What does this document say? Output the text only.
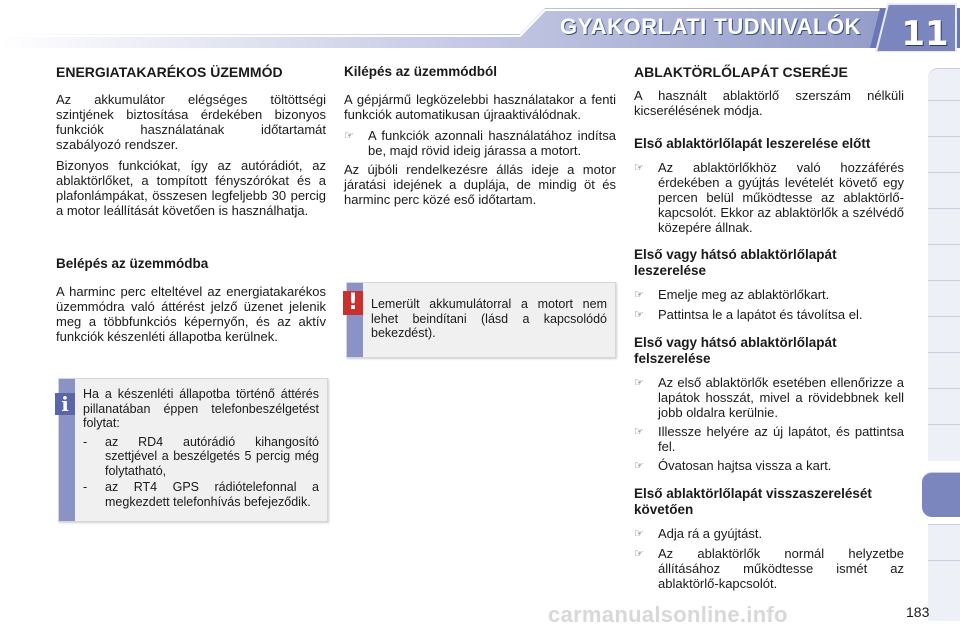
GYAKORLATI TUDNIVALÓK 11
ENERGIATAKARÉKOS ÜZEMMÓD

Az akkumulátor elégséges töltöttségi szintjének biztosítása érdekében bizonyos funkciók használatának időtartamát szabályozó rendszer.

Bizonyos funkciókat, így az autórádiót, az ablaktörlőket, a tompított fényszórókat és a plafonlámpákat, összesen legfeljebb 30 percig a motor leállítását követően is használhatja.

Belépés az üzemmódba

A harminc perc elteltével az energiatakarékos üzemmódra való áttérést jelző üzenet jelenik meg a többfunkciós képernyőn, és az aktív funkciók készenléti állapotba kerülnek.

i	Ha a készenléti állapotba történő áttérés pillanatában éppen telefonbeszélgetést folytat:

-	az RD4 autórádió kihangosító szettjével a beszélgetés 5 percig még folytatható,
-	az RT4 GPS rádiótelefonnal a megkezdett telefonhívás befejeződik.
Kilépés az üzemmódból

A gépjármű legközelebbi használatakor a fenti funkciók automatikusan újraaktiválódnak.

☞	A funkciók azonnali használatához indítsa be, majd rövid ideig járassa a motort.

Az újbóli rendelkezésre állás ideje a motor járatási idejének a duplája, de mindig öt és harminc perc közé eső időtartam.

!	Lemerült akkumulátorral a motort nem lehet beindítani (lásd a kapcsolódó bekezdést).

ABLAKTÖRLŐLAPÁT CSERÉJE

A használt ablaktörlő szerszám nélküli kicserélésének módja.

Első ablaktörlőlapát leszerelése előtt
☞	Az ablaktörlőkhöz való hozzáférés érdekében a gyújtás levételét követő egy percen belül működtesse az ablaktörlő-kapcsolót. Ekkor az ablaktörlők a szélvédő közepére állnak.
Első vagy hátsó ablaktörlőlapát leszerelése
☞	Emelje meg az ablaktörlőkart.
☞	Pattintsa le a lapátot és távolítsa el.
Első vagy hátsó ablaktörlőlapát felszerelése
☞	Az első ablaktörlők esetében ellenőrizze a lapátok hosszát, mivel a rövidebbnek kell jobb oldalra kerülnie.
☞	Illessze helyére az új lapátot, és pattintsa fel.
☞	Óvatosan hajtsa vissza a kart.
Első ablaktörlőlapát visszaszerelését követően
☞	Adja rá a gyújtást.
☞	Az ablaktörlők normál helyzetbe állításához működtesse ismét az ablaktörlő-kapcsolót.
carmanualsonline.info	183
